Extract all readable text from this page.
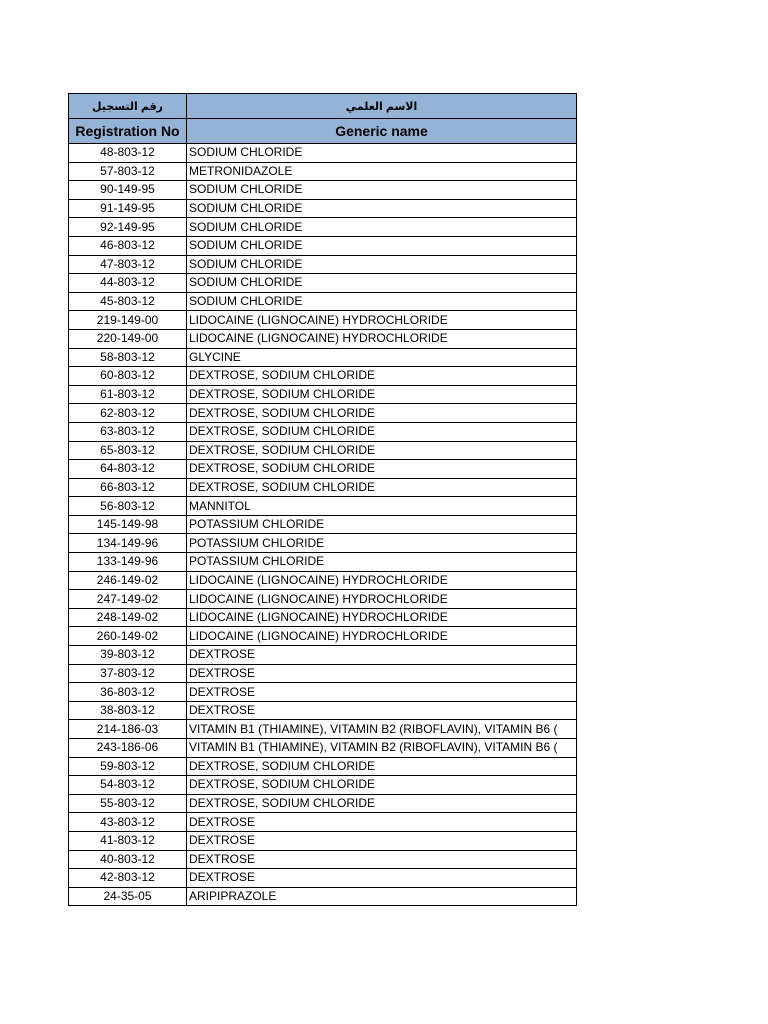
رقم التسجيل	الاسم العلمي
Registration No	Generic name
48-803-12	SODIUM CHLORIDE
57-803-12	METRONIDAZOLE
90-149-95	SODIUM CHLORIDE
91-149-95	SODIUM CHLORIDE
92-149-95	SODIUM CHLORIDE
46-803-12	SODIUM CHLORIDE
47-803-12	SODIUM CHLORIDE
44-803-12	SODIUM CHLORIDE
45-803-12	SODIUM CHLORIDE
219-149-00	LIDOCAINE (LIGNOCAINE) HYDROCHLORIDE
220-149-00	LIDOCAINE (LIGNOCAINE) HYDROCHLORIDE
58-803-12	GLYCINE
60-803-12	DEXTROSE, SODIUM CHLORIDE
61-803-12	DEXTROSE, SODIUM CHLORIDE
62-803-12	DEXTROSE, SODIUM CHLORIDE
63-803-12	DEXTROSE, SODIUM CHLORIDE
65-803-12	DEXTROSE, SODIUM CHLORIDE
64-803-12	DEXTROSE, SODIUM CHLORIDE
66-803-12	DEXTROSE, SODIUM CHLORIDE
56-803-12	MANNITOL
145-149-98	POTASSIUM CHLORIDE
134-149-96	POTASSIUM CHLORIDE
133-149-96	POTASSIUM CHLORIDE
246-149-02	LIDOCAINE (LIGNOCAINE) HYDROCHLORIDE
247-149-02	LIDOCAINE (LIGNOCAINE) HYDROCHLORIDE
248-149-02	LIDOCAINE (LIGNOCAINE) HYDROCHLORIDE
260-149-02	LIDOCAINE (LIGNOCAINE) HYDROCHLORIDE
39-803-12	DEXTROSE
37-803-12	DEXTROSE
36-803-12	DEXTROSE
38-803-12	DEXTROSE
214-186-03	VITAMIN B1 (THIAMINE), VITAMIN B2 (RIBOFLAVIN), VITAMIN B6 (
243-186-06	VITAMIN B1 (THIAMINE), VITAMIN B2 (RIBOFLAVIN), VITAMIN B6 (
59-803-12	DEXTROSE, SODIUM CHLORIDE
54-803-12	DEXTROSE, SODIUM CHLORIDE
55-803-12	DEXTROSE, SODIUM CHLORIDE
43-803-12	DEXTROSE
41-803-12	DEXTROSE
40-803-12	DEXTROSE
42-803-12	DEXTROSE
24-35-05	ARIPIPRAZOLE
